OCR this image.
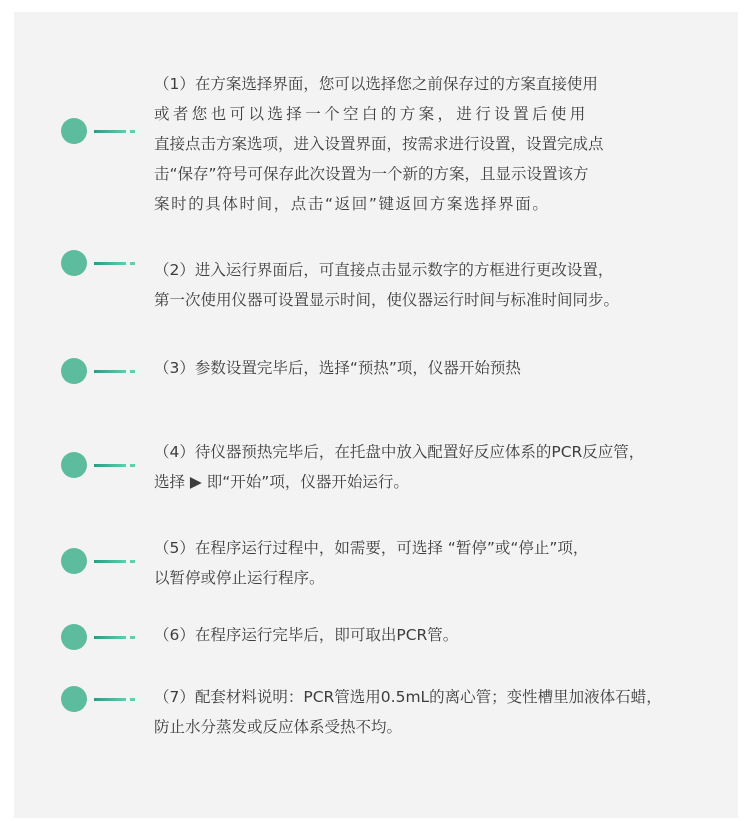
（1）在方案选择界面，您可以选择您之前保存过的方案直接使用
或者您也可以选择一个空白的方案，进行设置后使用
直接点击方案选项，进入设置界面，按需求进行设置，设置完成点
击“保存”符号可保存此次设置为一个新的方案，且显示设置该方
案时的具体时间，点击“返回”键返回方案选择界面。

（2）进入运行界面后，可直接点击显示数字的方框进行更改设置，
第一次使用仪器可设置显示时间，使仪器运行时间与标准时间同步。

（3）参数设置完毕后，选择“预热”项，仪器开始预热

（4）待仪器预热完毕后，在托盘中放入配置好反应体系的PCR反应管，
选择 ▶ 即“开始”项，仪器开始运行。

（5）在程序运行过程中，如需要，可选择 “暂停”或“停止”项，
以暂停或停止运行程序。

（6）在程序运行完毕后，即可取出PCR管。

（7）配套材料说明：PCR管选用0.5mL的离心管；变性槽里加液体石蜡，
防止水分蒸发或反应体系受热不均。
